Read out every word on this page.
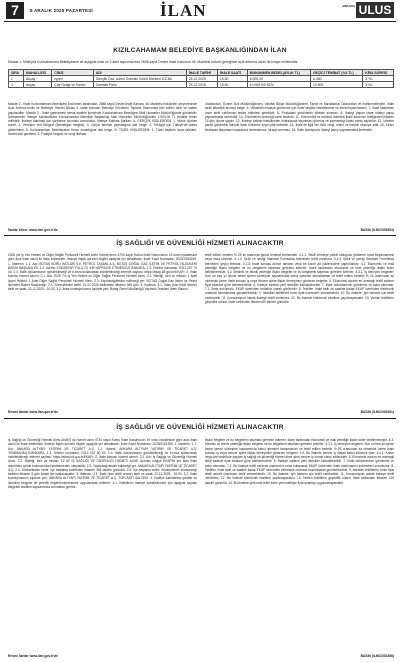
7	8 ARALIK 2025 PAZARTESİ	İLAN	ANKARA ULUS
KIZILCAHAMAM BELEDİYE BAŞKANLIĞINDAN İLAN
Madde 1: Mülkiyeti Kızılcahamam Belediyesine ait aşağıda cinsi ve 2 adet taşınmazımız 2886 sayılı Devlet İhale Kanunun 45. Maddesi hükmü gereğince açık arttırma usulü ile kiraya verilecektir.
SIRA	MAHALLESİ	CİNSİ	ADI	İHALE TARİHİ	İHALE SAATİ	MUHAMMEN BEDEL(AYLIK TL)	GEÇİCİ TEMİNAT (%3 TL)	KİRA SÜRESİ
1	Akçay	İşyeri	Gençlik Cad. Adem Özbekin Kültür Merkezi 2/Z-8A	25.12.2025	15:30	6.000,00	6.480	3 YIL
2	Akçay	Çay Ocağı ve Kantin	Zambak Parkı	25.12.2025	15:30	10.000,00+KDV	10.800	3 YIL
Madde 2 - İhale Kızılcahamam Belediyesi Encümeni tarafından, 2886 sayılı Devlet İhale Kanunu 45. Maddesi hükümleri çerçevesinde Açık Artırma usulü ile Belediye Hizmet Binası 4. katta bulunan Belediye Encümen Toplantı Salonunda ilan edilen tarih ve saatte yapılacaktır. Madde 3 - İhale şartnamesi mesai saatleri içerisinde Kızılcahamam Belediyesi Mali Hizmetler Müdürlüğünde görülebilir. Şartnameler ihaleye katılacaklara Kızılcahamam Belediye Başkanlığı Mali Hizmetler Müdürlüğünden 1.000,00 TL bedelle temin edilebilir. İhaleye katılmak için şartname alınması zorunludur. İhaleye Katılma Şartları: A- GERÇEK KİŞİLERDEN; 1- Nüfus cüzdan sureti. 2- Yerleşim Yeri Belgesi (İkametgah belgesi). 3- Geçici teminat yatırıldığına dair belge. 4- Tebligat için Türkiye'de adres göstermesi. 5- Kızılcahamam Belediyesine borcu olmadığına dair belge. B- TÜZEL KİŞİLERDEN; 1- Tüzel kişilerin imza sirküleri, ticaret sicil gazetesi. 2- Faaliyet belgesi ve vergi levhası.
Odasından, Ticaret Sicil Müdürlüğünden, Vakıflar Bölge Müdürlüğünden, Esnaf ve Sanatkarlar Odasından ve mahkemelerden, ihale tarihi itibariyle alınmış belge. 6- Vekaleten ihaleye girecekler için noter tasdikli vekaletname ve imza beyannamesi. 7- İhale saatinden önce teklif zarflarının teslim edilmesi gereklidir. 8- Postadaki gecikmeler dikkate alınmaz. 9- İhaleyi yapan idare ihaleyi yapıp yapmamakta serbesttir. 10- Encümenin vereceği karar kesindir. 11- Kira bedeli ve teminat ödemesi ihale kararının tebliğinden itibaren 15 gün içinde yapılır. 12- İhaleye katılan isteklilerden kiralanacak taşınmazı görmüş ve şartnameyi kabul etmiş sayılırlar. 13- İdarece gerek görülmesi halinde ihale erteleme veya iptal edilebilir. 14- İhale ile ilgili her türlü vergi, resim ve harçlar kiracıya aittir. 15- Kiracı kiralanan taşınmazı başkasına devredemez, kiraya veremez. 16- İhale komisyonu ihaleyi yapıp yapmamakta serbesttir.
İlanlar sitesi: www.ilan.gov.tr'de	BASIN (ILN02302694)
İŞ SAĞLIĞI VE GÜVENLİĞİ HİZMETİ ALINACAKTIR
2026 yılı İş Yeri Hekimi ve Diğer Sağlık Personeli Hizmeti Alımı hizmet alımı 4734 sayılı Kamu İhale Kanununun 19 uncu maddesine göre açık ihale usulü ile ihale edilecektir. İhaleye ilişkin ayrıntılı bilgiler aşağıda yer almaktadır: İhale Kayıt Numarası: 2025/2260165. 1. İdarenin: 1.1. Adı: BOTAŞ BORU HATLARI İLE PETROL TAŞIMA A.Ş. BOTAŞ DOĞAL GAZ İLETİM VE PETROL İŞLEMLERİ BAKIM BAŞKANLIĞI. 1.2. Adresi: ESKİŞEHİR YOLU 23. KM YAPRACIK ETİMESGUT/ANKARA. 1.3. Telefon numarası: 0312 297 70 00. 1.4. İhale dokümanının görülebileceği ve e-imza kullanılarak indirilebileceği internet sayfası: https://ekap.kik.gov.tr/EKAP/. 2. İhale konusu hizmet alımın: 2.1. Adı: 2026 Yılı İş Yeri Hekimi ve Diğer Sağlık Personeli Hizmeti Alımı. 2.2. Niteliği, türü ve miktarı: 1 Adet İşyeri Hekimi, 1 Adet Diğer Sağlık Personeli Hizmeti Alımı. 2.3. Yapılacağı/teslim edileceği yer: BOTAŞ Doğal Gaz İletim ve Petrol İşlemleri Bakım Başkanlığı. 2.4. Süresi/teslim tarihi: 01.01.2026 tarihinden itibaren 365 gün. 3. İhalenin: 3.1. İhale (son teklif verme) tarih ve saati: 23.12.2025 - 10:30. 3.2. İhale komisyonunun toplantı yeri: Botaş Genel Müdürlüğü Yapracık Tesisleri İhale Salonu.
teklif edilen bedelin % 25 ini tutarında geçici teminat verilecektir. 4.1.1. Teklif vermeye yetkili olduğunu gösteren imza beyannamesi veya imza sirküleri. 4.1.2. Şekli ve içeriği Standart Formlarda belirlenen teklif mektubu. 4.1.3. Şekli ve içeriği Standart Formlarda belirlenen geçici teminat. 4.1.4. İhale konusu alımın tamamı veya bir kısmı alt yüklenicilere yaptırılamaz. 4.2. Ekonomik ve mali yeterliğe ilişkin belgeler ve bu belgelerin taşıması gereken kriterler: İdare tarafından ekonomik ve mali yeterliğe ilişkin kriter belirtilmemiştir. 4.3. Mesleki ve teknik yeterliğe ilişkin belgeler ve bu belgelerin taşıması gereken kriterler: 4.3.1. İş deneyim belgeleri: Son on beş yıl içinde bedel içeren sözleşme kapsamında kabul işlemleri tamamlanan ve teklif edilen bedelin % 25 oranından az olmamak üzere ihale konusu iş veya benzer işlere ilişkin deneyimini gösteren belgeler. 5. Ekonomik açıdan en avantajlı teklif sadece fiyat esasına göre belirlenecektir. 6. İhaleye sadece yerli istekliler katılabilecektir. 7. İhale dokümanının görülmesi ve satın alınması: 7.1. İhale dokümanı, EKAP üzerinden bedelsiz olarak görülebilir. 8. Teklifler, ihale tarih ve saatine kadar EKAP üzerinden elektronik ortamda hazırlanarak gönderilecektir. 9. İstekliler tekliflerini birim fiyat üzerinden vereceklerdir. 10. Bu ihalede, işin tamamı için teklif verilecektir. 11. Konsorsiyum olarak ihaleye teklif verilemez. 12. Bu ihalede elektronik eksiltme yapılmayacaktır. 13. Verilen tekliflerin geçerlilik süresi, ihale tarihinden itibaren 60 takvim günüdür.
Resmi ilanlar www.ilan.gov.tr'de	BASIN (ILN02302351)
İŞ SAĞLIĞI VE GÜVENLİĞİ HİZMETİ ALINACAKTIR
İş Sağlığı ve Güvenliği Hizmeti Alımı AVANT işi hizmet alımı 4734 sayılı Kamu İhale Kanununun 19 uncu maddesine göre açık ihale usulü ile ihale edilecektir. İhaleye ilişkin ayrıntılı bilgiler aşağıda yer almaktadır: İhale Kayıt Numarası: 2025/2261354. 1. İdarenin: 1.1. Adı: ANKARA ALTYAPI YATIRIM VE TİCARET A.Ş. 1.2. Adresi: ANKARA ALTYAPI YATIRIM VE TİCARET A.Ş. YENİMAHALLE/ANKARA. 1.3. Telefon numarası: 0312 242 60 00. 1.4. İhale dokümanının görülebileceği ve e-imza kullanılarak indirilebileceği internet sayfası: https://ekap.kik.gov.tr/EKAP/. 2. İhale konusu hizmet alımın: 2.1. Adı: İş Sağlığı ve Güvenliği Hizmeti Alımı. 2.2. Niteliği, türü ve miktarı: 12 AY İŞ SAĞLIĞI VE GÜVENLİĞİ HİZMETİ ALIMI. Ayrıntılı bilgiye EKAP'ta yer alan ihale dokümanı içinde bulunan idari şartnameden ulaşılabilir. 2.3. Yapılacağı/teslim edileceği yer: ANKARA ALTYAPI YATIRIM VE TİCARET A.Ş. 2.4. Süresi/teslim tarihi: İşe başlama tarihinden itibaren 365 takvim günüdür. 2.5. İşe başlama tarihi: Sözleşmenin imzalandığı tarihten itibaren 5 gün içinde işe başlanacaktır. 3. İhalenin: 3.1. İhale (son teklif verme) tarih ve saati: 22.12.2025 - 10:00. 3.2. İhale komisyonunun toplantı yeri: ANKARA ALTYAPI YATIRIM VE TİCARET A.Ş. TOPLANTI SALONU. 4. İhaleye katılabilme şartları ve istenilen belgeler ile yeterlik değerlendirmesinde uygulanacak kriterler: 4.1. İsteklilerin ihaleye katılabilmeleri için aşağıda sayılan belgeleri teklifleri kapsamında sunmaları gerekir.
ilişkin belgeler ve bu belgelerin taşıması gereken kriterler: İdare tarafından ekonomik ve mali yeterliğe ilişkin kriter belirtilmemiştir. 4.3. Mesleki ve teknik yeterliğe ilişkin belgeler ve bu belgelerin taşıması gereken kriterler: 4.3.1. İş deneyim belgeleri: Son on beş yıl içinde bedel içeren sözleşme kapsamında kabul işlemleri tamamlanan ve teklif edilen bedelin % 25 oranından az olmamak üzere ihale konusu iş veya benzer işlere ilişkin deneyimini gösteren belgeler. 4.4. Bu ihalede benzer iş olarak kabul edilecek işler: 4.4.1. Kamu veya özel sektörde yapılan iş sağlığı ve güvenliği hizmet alımı işleri benzer iş olarak kabul edilecektir. 5. Ekonomik açıdan en avantajlı teklif sadece fiyat esasına göre belirlenecektir. 6. İhaleye sadece yerli istekliler katılabilecektir. 7. İhale dokümanının görülmesi ve satın alınması: 7.1. Bu ihaleye teklif verecek olanların e-imza kullanarak EKAP üzerinden ihale dokümanını indirmeleri zorunludur. 8. Teklifler, ihale tarih ve saatine kadar EKAP üzerinden elektronik ortamda hazırlanarak gönderilecektir. 9. İstekliler tekliflerini, birim fiyat teklif cetveli üzerinden teklif vereceklerdir. 10. Bu ihalede, işin tamamı için teklif verilecektir. 11. Konsorsiyum olarak ihaleye teklif verilemez. 12. Bu ihalede elektronik eksiltme yapılmayacaktır. 13. Verilen tekliflerin geçerlilik süresi, ihale tarihinden itibaren 120 takvim günüdür. 14. Bu ihalede yerli malı teklif eden yerli istekliye fiyat avantajı uygulanmayacaktır.
Resmi ilanlar www.ilan.gov.tr'de	BASIN (ILN02302368)
